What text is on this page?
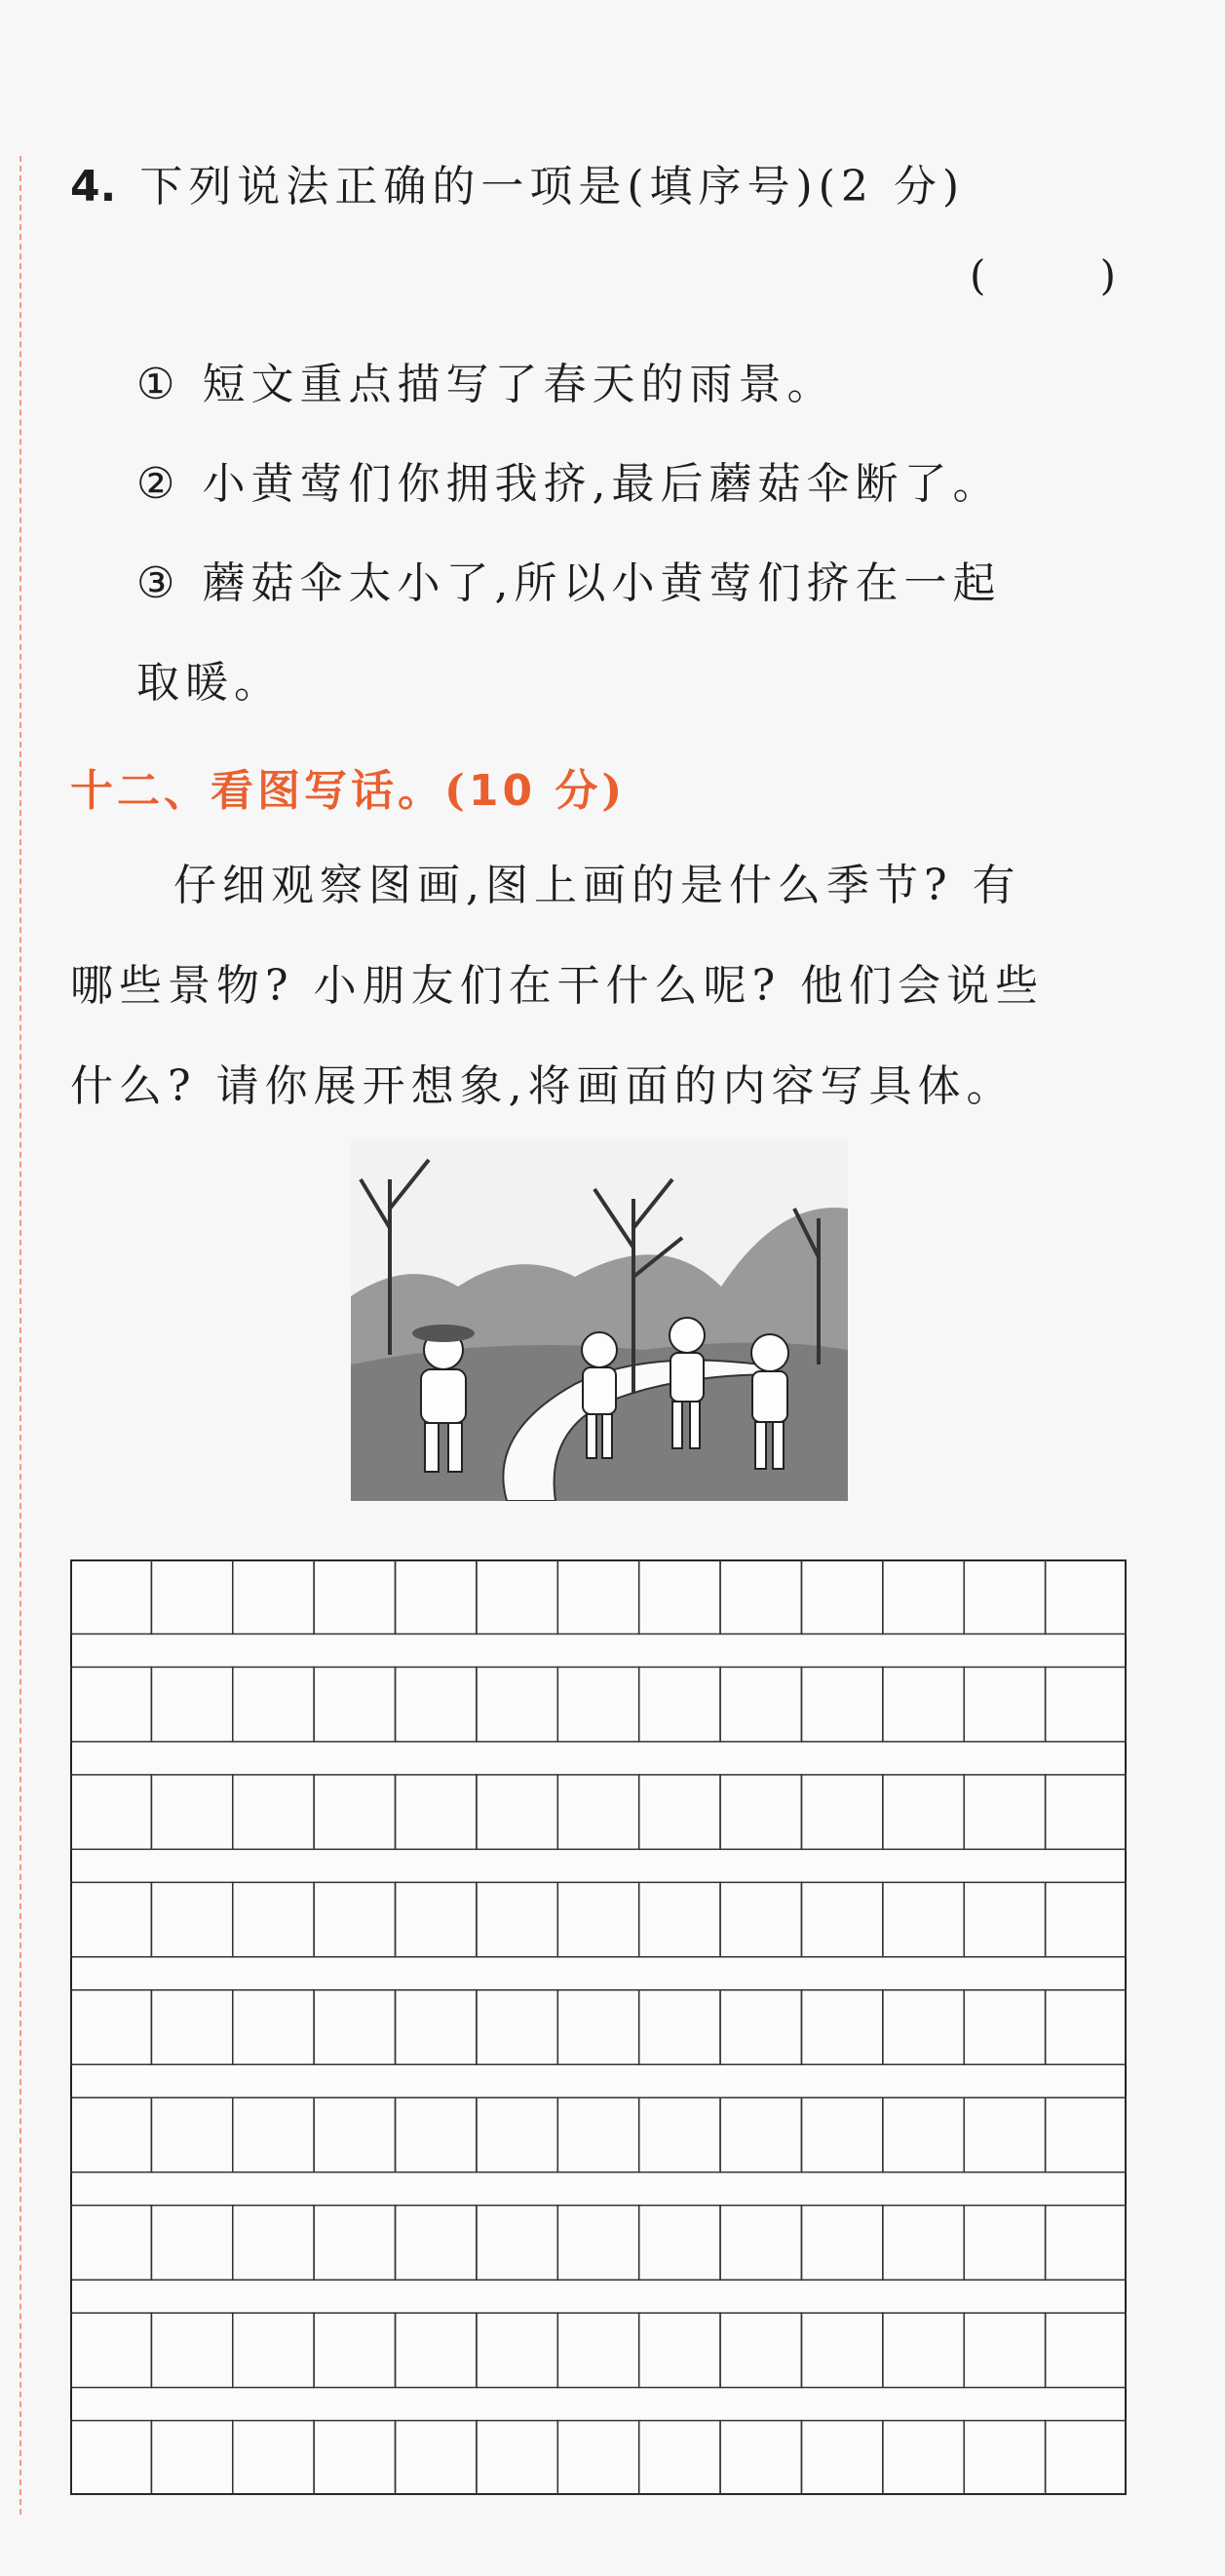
4. 下列说法正确的一项是(填序号)(2 分)
(	)
① 短文重点描写了春天的雨景。
② 小黄莺们你拥我挤,最后蘑菇伞断了。
③ 蘑菇伞太小了,所以小黄莺们挤在一起
取暖。
十二、看图写话。(10 分)
仔细观察图画,图上画的是什么季节? 有
哪些景物? 小朋友们在干什么呢? 他们会说些
什么? 请你展开想象,将画面的内容写具体。
